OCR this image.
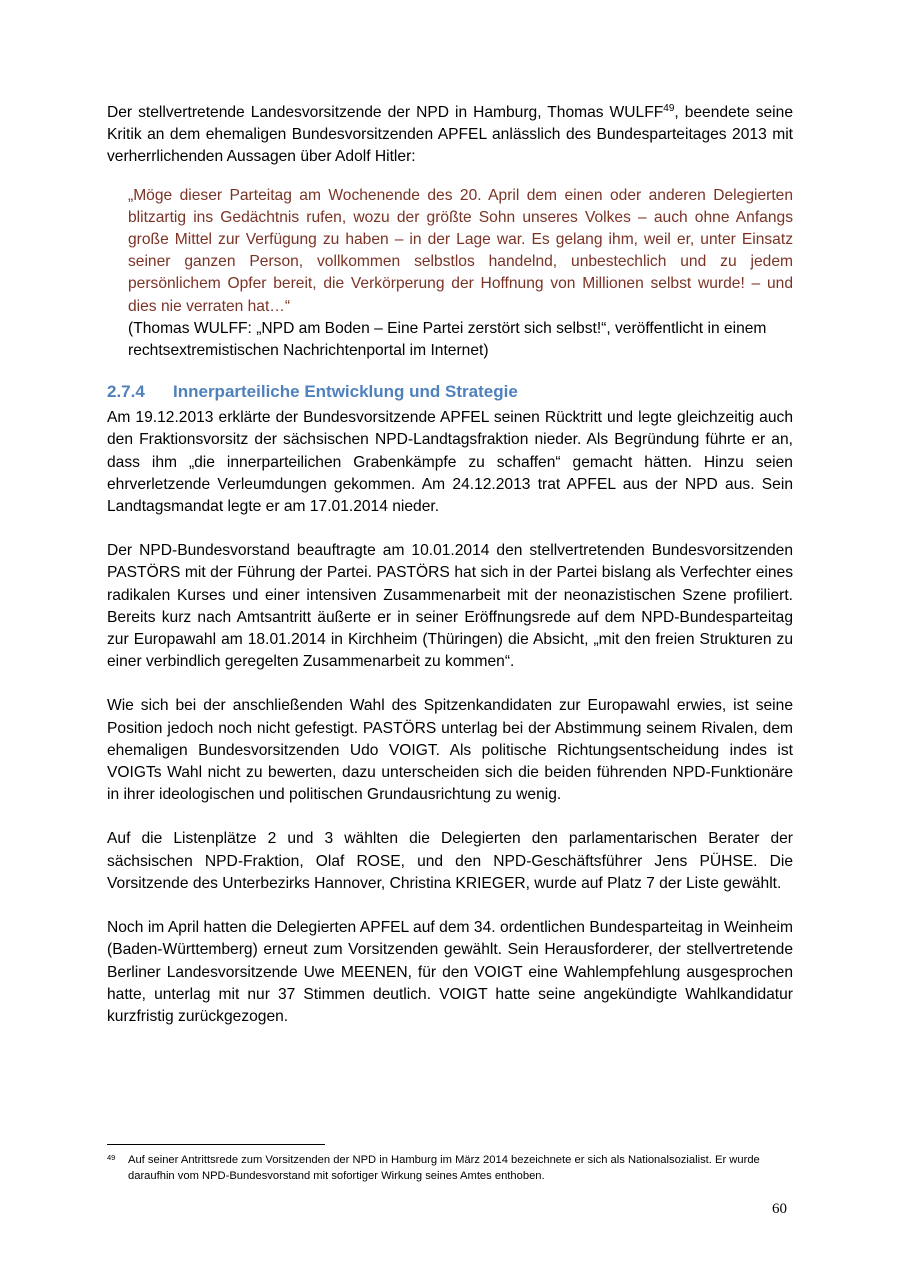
Der stellvertretende Landesvorsitzende der NPD in Hamburg, Thomas WULFF$^{49}$, beendete seine Kritik an dem ehemaligen Bundesvorsitzenden APFEL anlässlich des Bundesparteitages 2013 mit verherrlichenden Aussagen über Adolf Hitler:

„Möge dieser Parteitag am Wochenende des 20. April dem einen oder anderen Delegierten blitzartig ins Gedächtnis rufen, wozu der größte Sohn unseres Volkes – auch ohne Anfangs große Mittel zur Verfügung zu haben – in der Lage war. Es gelang ihm, weil er, unter Einsatz seiner ganzen Person, vollkommen selbstlos handelnd, unbestechlich und zu jedem persönlichem Opfer bereit, die Verkörperung der Hoffnung von Millionen selbst wurde! – und dies nie verraten hat…“

(Thomas WULFF: „NPD am Boden – Eine Partei zerstört sich selbst!“, veröffentlicht in einem rechtsextremistischen Nachrichtenportal im Internet)

2.7.4 Innerparteiliche Entwicklung und Strategie

Am 19.12.2013 erklärte der Bundesvorsitzende APFEL seinen Rücktritt und legte gleichzeitig auch den Fraktionsvorsitz der sächsischen NPD-Landtagsfraktion nieder. Als Begründung führte er an, dass ihm „die innerparteilichen Grabenkämpfe zu schaffen“ gemacht hätten. Hinzu seien ehrverletzende Verleumdungen gekommen. Am 24.12.2013 trat APFEL aus der NPD aus. Sein Landtagsmandat legte er am 17.01.2014 nieder.

Der NPD-Bundesvorstand beauftragte am 10.01.2014 den stellvertretenden Bundesvorsitzenden PASTÖRS mit der Führung der Partei. PASTÖRS hat sich in der Partei bislang als Verfechter eines radikalen Kurses und einer intensiven Zusammenarbeit mit der neonazistischen Szene profiliert. Bereits kurz nach Amtsantritt äußerte er in seiner Eröffnungsrede auf dem NPD-Bundesparteitag zur Europawahl am 18.01.2014 in Kirchheim (Thüringen) die Absicht, „mit den freien Strukturen zu einer verbindlich geregelten Zusammenarbeit zu kommen“.

Wie sich bei der anschließenden Wahl des Spitzenkandidaten zur Europawahl erwies, ist seine Position jedoch noch nicht gefestigt. PASTÖRS unterlag bei der Abstimmung seinem Rivalen, dem ehemaligen Bundesvorsitzenden Udo VOIGT. Als politische Richtungsentscheidung indes ist VOIGTs Wahl nicht zu bewerten, dazu unterscheiden sich die beiden führenden NPD-Funktionäre in ihrer ideologischen und politischen Grundausrichtung zu wenig.

Auf die Listenplätze 2 und 3 wählten die Delegierten den parlamentarischen Berater der sächsischen NPD-Fraktion, Olaf ROSE, und den NPD-Geschäftsführer Jens PÜHSE. Die Vorsitzende des Unterbezirks Hannover, Christina KRIEGER, wurde auf Platz 7 der Liste gewählt.

Noch im April hatten die Delegierten APFEL auf dem 34. ordentlichen Bundesparteitag in Weinheim (Baden-Württemberg) erneut zum Vorsitzenden gewählt. Sein Herausforderer, der stellvertretende Berliner Landesvorsitzende Uwe MEENEN, für den VOIGT eine Wahlempfehlung ausgesprochen hatte, unterlag mit nur 37 Stimmen deutlich. VOIGT hatte seine angekündigte Wahlkandidatur kurzfristig zurückgezogen.

49 Auf seiner Antrittsrede zum Vorsitzenden der NPD in Hamburg im März 2014 bezeichnete er sich als Nationalsozialist. Er wurde daraufhin vom NPD-Bundesvorstand mit sofortiger Wirkung seines Amtes enthoben.
60
